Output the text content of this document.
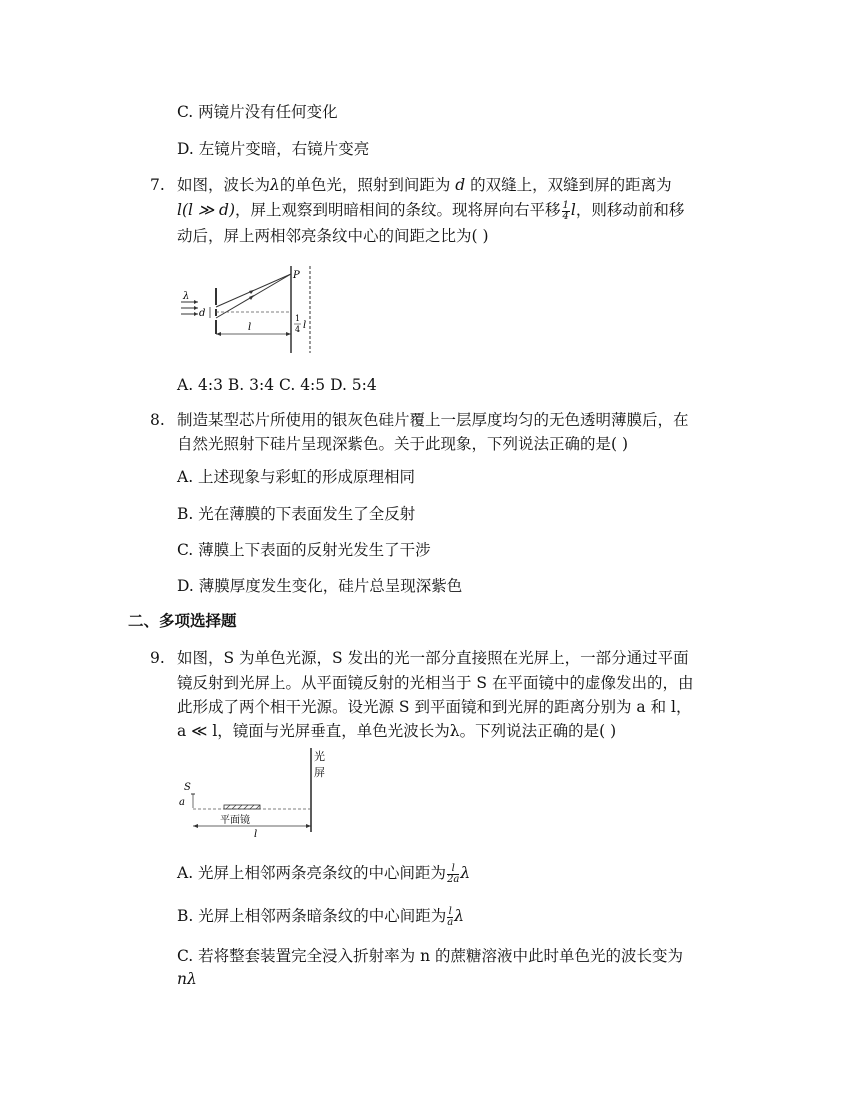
C. 两镜片没有任何变化
D. 左镜片变暗，右镜片变亮
7. 如图，波长为λ的单色光，照射到间距为 d 的双缝上，双缝到屏的距离为
l(l ≫ d)，屏上观察到明暗相间的条纹。现将屏向右平移 $\frac{1}{4}$ l，则移动前和移
动后，屏上两相邻亮条纹中心的间距之比为( )
λ
d
P
l
1
4 l
A. 4:3 B. 3:4 C. 4:5 D. 5:4
8. 制造某型芯片所使用的银灰色硅片覆上一层厚度均匀的无色透明薄膜后，在
自然光照射下硅片呈现深紫色。关于此现象，下列说法正确的是( )
A. 上述现象与彩虹的形成原理相同
B. 光在薄膜的下表面发生了全反射
C. 薄膜上下表面的反射光发生了干涉
D. 薄膜厚度发生变化，硅片总呈现深紫色
二、多项选择题
9. 如图，S 为单色光源，S 发出的光一部分直接照在光屏上，一部分通过平面
镜反射到光屏上。从平面镜反射的光相当于 S 在平面镜中的虚像发出的，由
此形成了两个相干光源。设光源 S 到平面镜和到光屏的距离分别为 a 和 l，
a ≪ l，镜面与光屏垂直，单色光波长为λ。下列说法正确的是( )
光
屏
S
a
平面镜
l
A. 光屏上相邻两条亮条纹的中心间距为 $\frac{l}{2a}$ λ
B. 光屏上相邻两条暗条纹的中心间距为 $\frac{l}{a}$ λ
C. 若将整套装置完全浸入折射率为 n 的蔗糖溶液中此时单色光的波长变为
nλ
